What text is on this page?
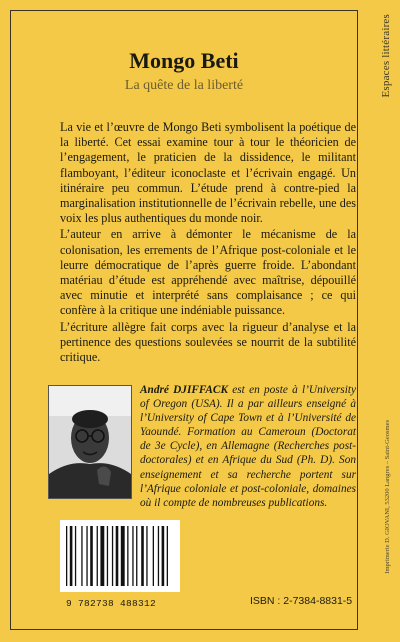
Espaces littéraires
Imprimerie D. GIOVANI, 53200 Langres – Saint-Geosmes
Mongo Beti
La quête de la liberté

La vie et l’œuvre de Mongo Beti symbolisent la poétique de la liberté. Cet essai examine tour à tour le théoricien de l’engagement, le praticien de la dissidence, le militant flamboyant, l’éditeur iconoclaste et l’écrivain engagé. Un itinéraire peu commun. L’étude prend à contre-pied la marginalisation institutionnelle de l’écrivain rebelle, une des voix les plus authentiques du monde noir.

L’auteur en arrive à démonter le mécanisme de la colonisation, les errements de l’Afrique post-coloniale et le leurre démocratique de l’après guerre froide. L’abondant matériau d’étude est appréhendé avec maîtrise, dépouillé avec minutie et interprété sans complaisance ; ce qui confère à la critique une indéniable puissance.

L’écriture allègre fait corps avec la rigueur d’analyse et la pertinence des questions soulevées se nourrit de la subtilité critique.

André DJIFFACK est en poste à l’University of Oregon (USA). Il a par ailleurs enseigné à l’University of Cape Town et à l’Université de Yaoundé. Formation au Cameroun (Doctorat de 3e Cycle), en Allemagne (Recherches post-doctorales) et en Afrique du Sud (Ph. D). Son enseignement et sa recherche portent sur l’Afrique coloniale et post-coloniale, domaines où il compte de nombreuses publications.
9 782738 488312	ISBN : 2-7384-8831-5
